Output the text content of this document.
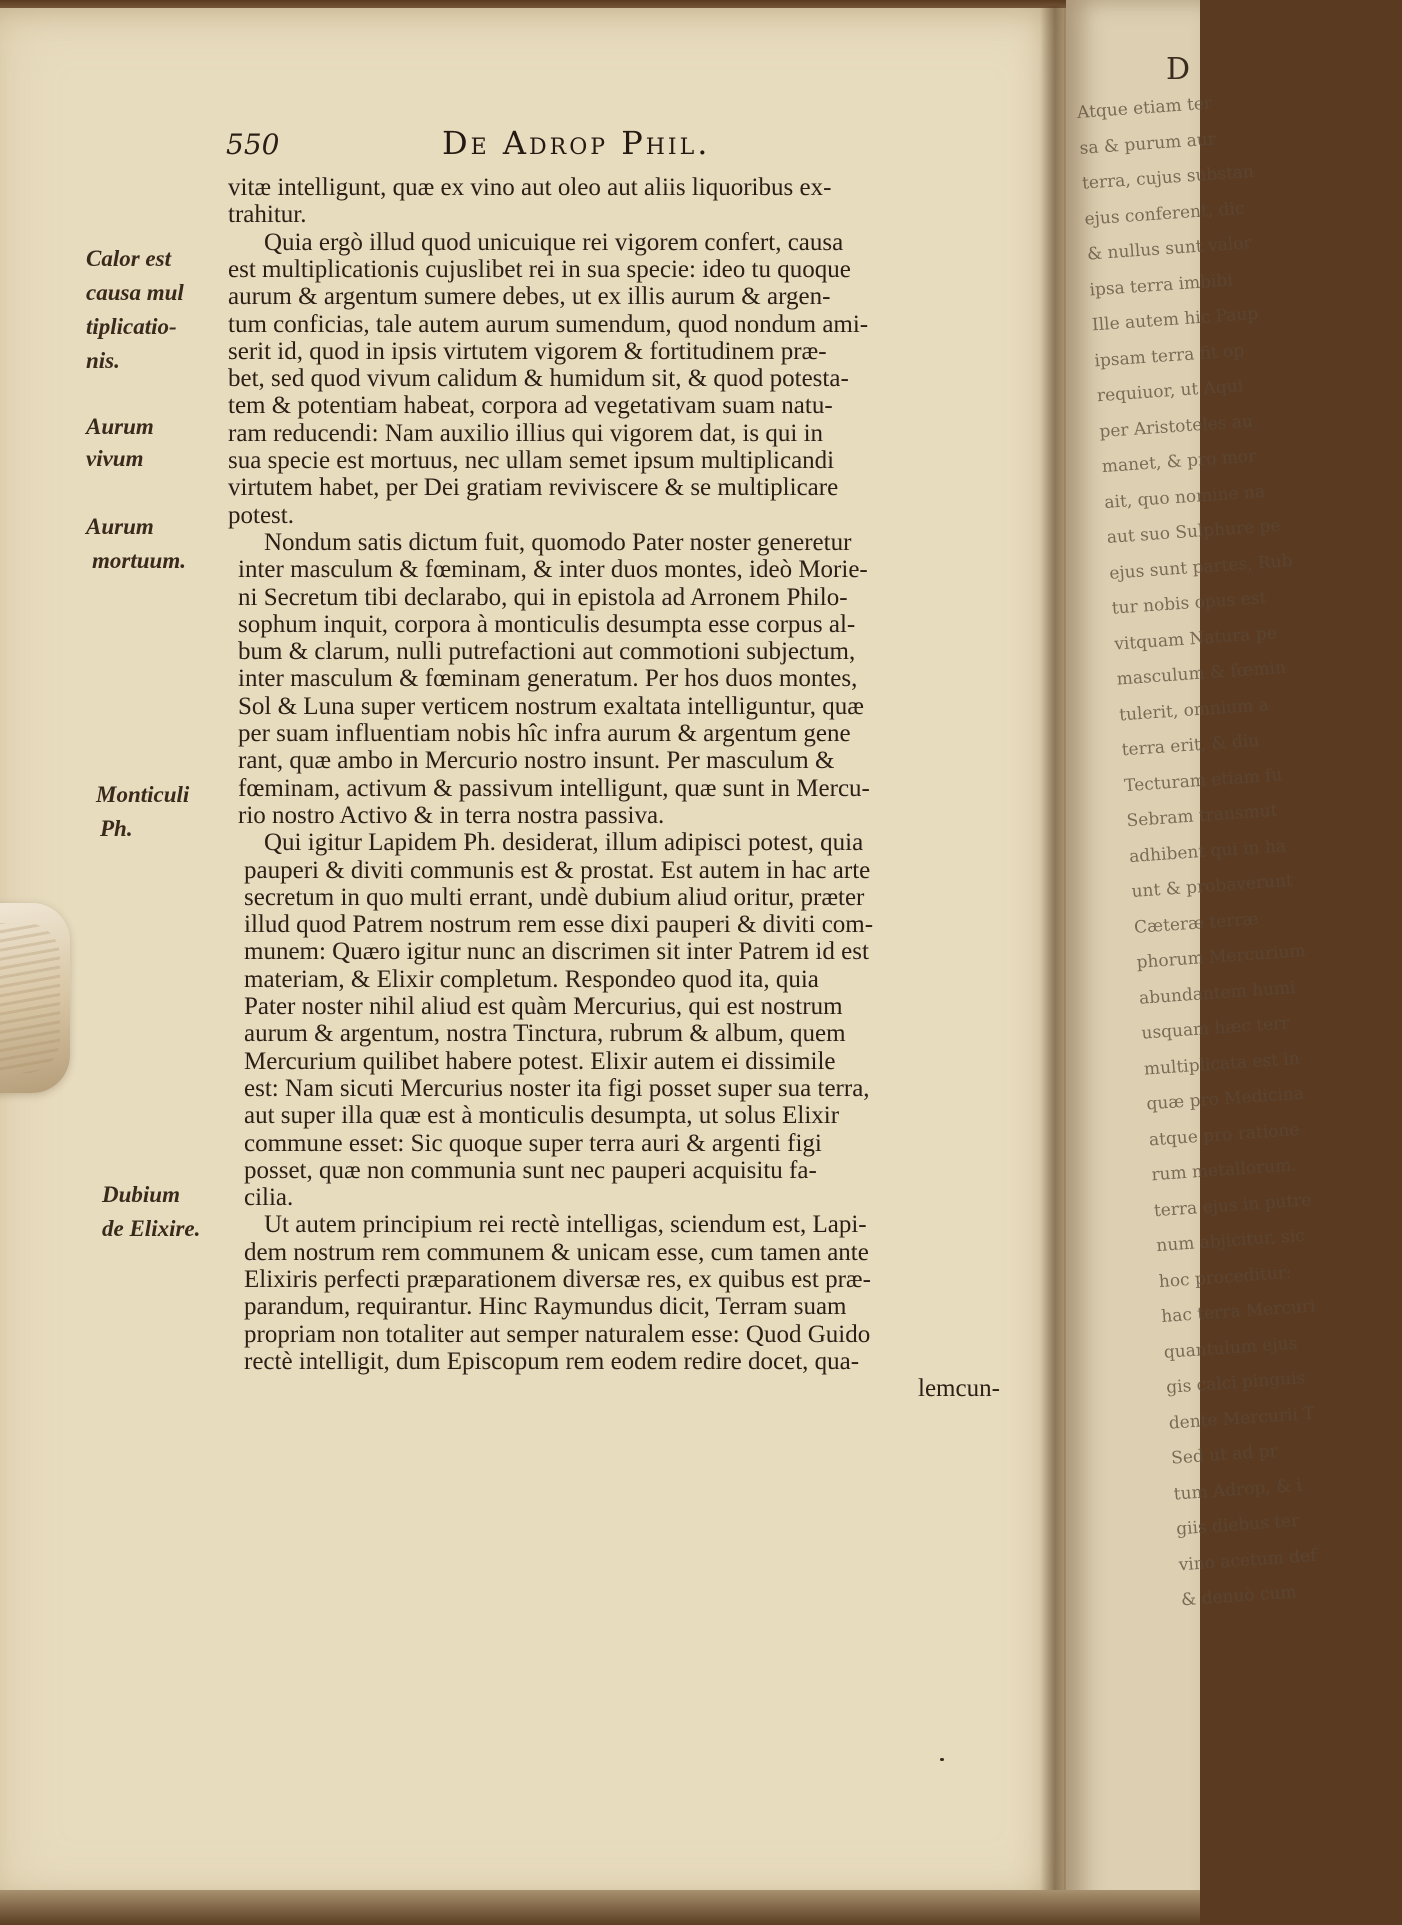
550	De Adrop Phil.
Calor est
causa mul
tiplicatio-
nis.
Aurum
vivum
Aurum
mortuum.
Monticuli
Ph.
Dubium
de Elixire.
vitæ intelligunt, quæ ex vino aut oleo aut aliis liquoribus ex-
trahitur.
Quia ergò illud quod unicuique rei vigorem confert, causa
est multiplicationis cujuslibet rei in sua specie: ideo tu quoque
aurum & argentum sumere debes, ut ex illis aurum & argen-
tum conficias, tale autem aurum sumendum, quod nondum ami-
serit id, quod in ipsis virtutem vigorem & fortitudinem præ-
bet, sed quod vivum calidum & humidum sit, & quod potesta-
tem & potentiam habeat, corpora ad vegetativam suam natu-
ram reducendi: Nam auxilio illius qui vigorem dat, is qui in
sua specie est mortuus, nec ullam semet ipsum multiplicandi
virtutem habet, per Dei gratiam reviviscere & se multiplicare
potest.
Nondum satis dictum fuit, quomodo Pater noster generetur
inter masculum & fœminam, & inter duos montes, ideò Morie-
ni Secretum tibi declarabo, qui in epistola ad Arronem Philo-
sophum inquit, corpora à monticulis desumpta esse corpus al-
bum & clarum, nulli putrefactioni aut commotioni subjectum,
inter masculum & fœminam generatum. Per hos duos montes,
Sol & Luna super verticem nostrum exaltata intelliguntur, quæ
per suam influentiam nobis hîc infra aurum & argentum gene
rant, quæ ambo in Mercurio nostro insunt. Per masculum &
fœminam, activum & passivum intelligunt, quæ sunt in Mercu-
rio nostro Activo & in terra nostra passiva.
Qui igitur Lapidem Ph. desiderat, illum adipisci potest, quia
pauperi & diviti communis est & prostat. Est autem in hac arte
secretum in quo multi errant, undè dubium aliud oritur, præter
illud quod Patrem nostrum rem esse dixi pauperi & diviti com-
munem: Quæro igitur nunc an discrimen sit inter Patrem id est
materiam, & Elixir completum. Respondeo quod ita, quia
Pater noster nihil aliud est quàm Mercurius, qui est nostrum
aurum & argentum, nostra Tinctura, rubrum & album, quem
Mercurium quilibet habere potest. Elixir autem ei dissimile
est: Nam sicuti Mercurius noster ita figi posset super sua terra,
aut super illa quæ est à monticulis desumpta, ut solus Elixir
commune esset: Sic quoque super terra auri & argenti figi
posset, quæ non communia sunt nec pauperi acquisitu fa-
cilia.
Ut autem principium rei rectè intelligas, sciendum est, Lapi-
dem nostrum rem communem & unicam esse, cum tamen ante
Elixiris perfecti præparationem diversæ res, ex quibus est præ-
parandum, requirantur. Hinc Raymundus dicit, Terram suam
propriam non totaliter aut semper naturalem esse: Quod Guido
rectè intelligit, dum Episcopum rem eodem redire docet, qua-
lemcun-
D
Atque etiam ter
sa & purum aur
terra, cujus substan
ejus conferent, dic
& nullus sunt valor
ipsa terra imbibi
Ille autem hic Paup
ipsam terra fit op
requiuor, ut Aqui
per Aristoteles au
manet, & pro mor
ait, quo nomine na
aut suo Sulphure pe
ejus sunt partes, Rub
tur nobis opus est
vitquam Natura pe
masculum & fœmin
tulerit, omnium a
terra erit, & diu
Tecturam etiam fu
Sebram transmut
adhibent qui in ha
unt & probaverunt
Cæteræ terræ
phorum Mercurium
abundantem humi
usquam hæc terr
multiplicata est in
quæ pro Medicina
atque pro ratione
rum metallorum.
terra ejus in putre
num abjicitur, sic
hoc proceditur:
hac terra Mercuri
quantulum ejus
gis calci pinguis
dente Mercurii T
Sed ut ad pr
tum Adrop, & i
giis diebus ter
vino acetum def
& denuò cum
